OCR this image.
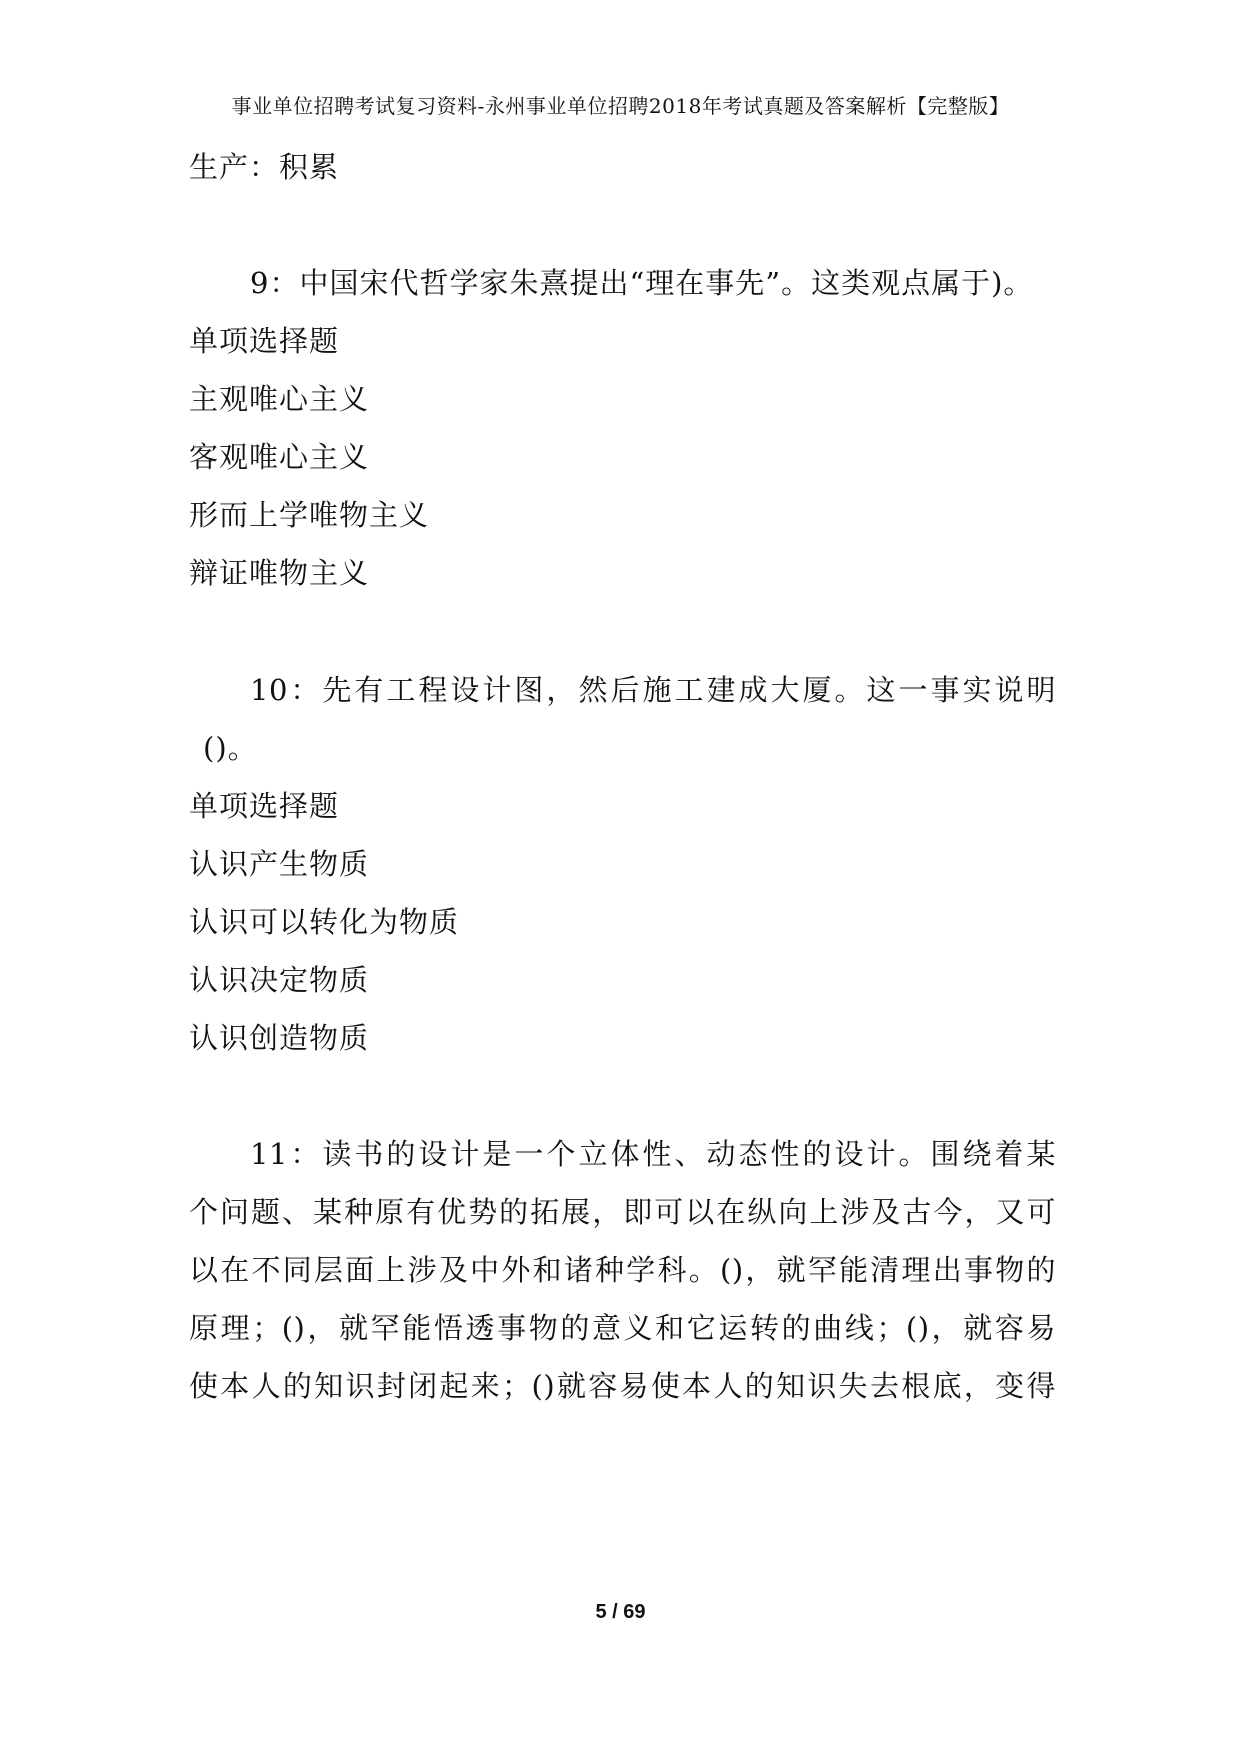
事业单位招聘考试复习资料-永州事业单位招聘2018年考试真题及答案解析【完整版】
生产：积累
9：中国宋代哲学家朱熹提出“理在事先”。这类观点属于)。
单项选择题
主观唯心主义
客观唯心主义
形而上学唯物主义
辩证唯物主义
10：先有工程设计图，然后施工建成大厦。这一事实说明
()。
单项选择题
认识产生物质
认识可以转化为物质
认识决定物质
认识创造物质
11：读书的设计是一个立体性、动态性的设计。围绕着某
个问题、某种原有优势的拓展，即可以在纵向上涉及古今，又可
以在不同层面上涉及中外和诸种学科。()，就罕能清理出事物的
原理；()，就罕能悟透事物的意义和它运转的曲线；()，就容易
使本人的知识封闭起来；()就容易使本人的知识失去根底，变得
5 / 69
